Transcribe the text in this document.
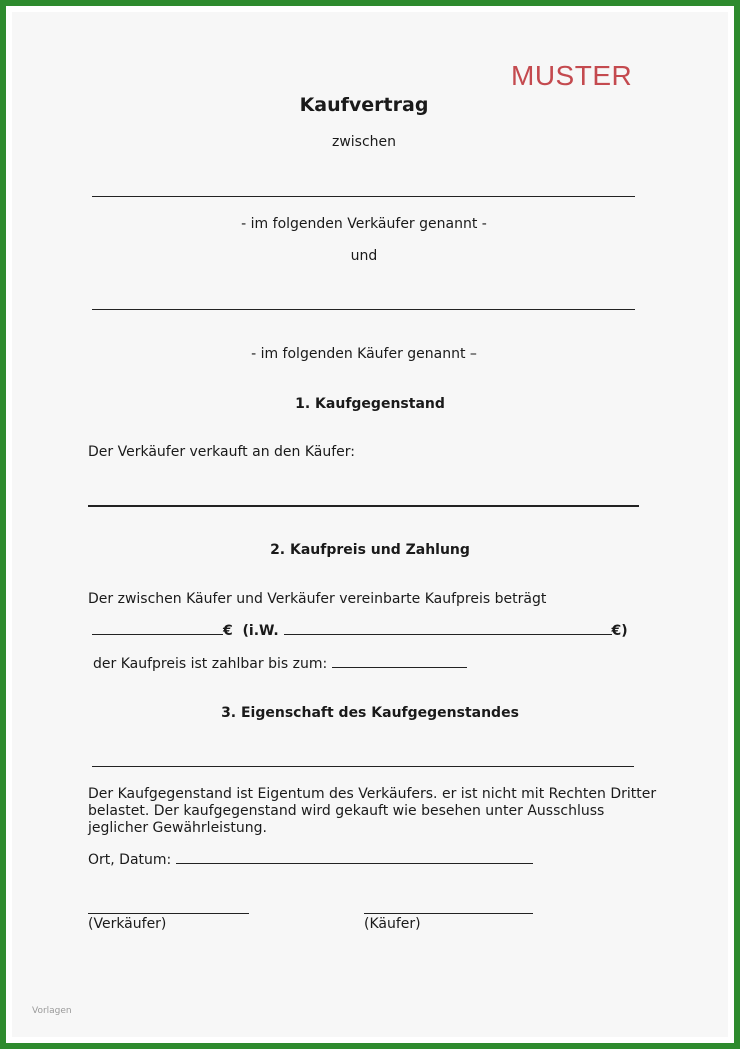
MUSTER
Kaufvertrag
zwischen
- im folgenden Verkäufer genannt -
und
- im folgenden Käufer genannt –
1. Kaufgegenstand
Der Verkäufer verkauft an den Käufer:
2. Kaufpreis und Zahlung
Der zwischen Käufer und Verkäufer vereinbarte Kaufpreis beträgt
€ (i.W.	€)
der Kaufpreis ist zahlbar bis zum:
3. Eigenschaft des Kaufgegenstandes
Der Kaufgegenstand ist Eigentum des Verkäufers. er ist nicht mit Rechten Dritter
belastet. Der kaufgegenstand wird gekauft wie besehen unter Ausschluss
jeglicher Gewährleistung.
Ort, Datum:
(Verkäufer)	(Käufer)
Vorlagen
